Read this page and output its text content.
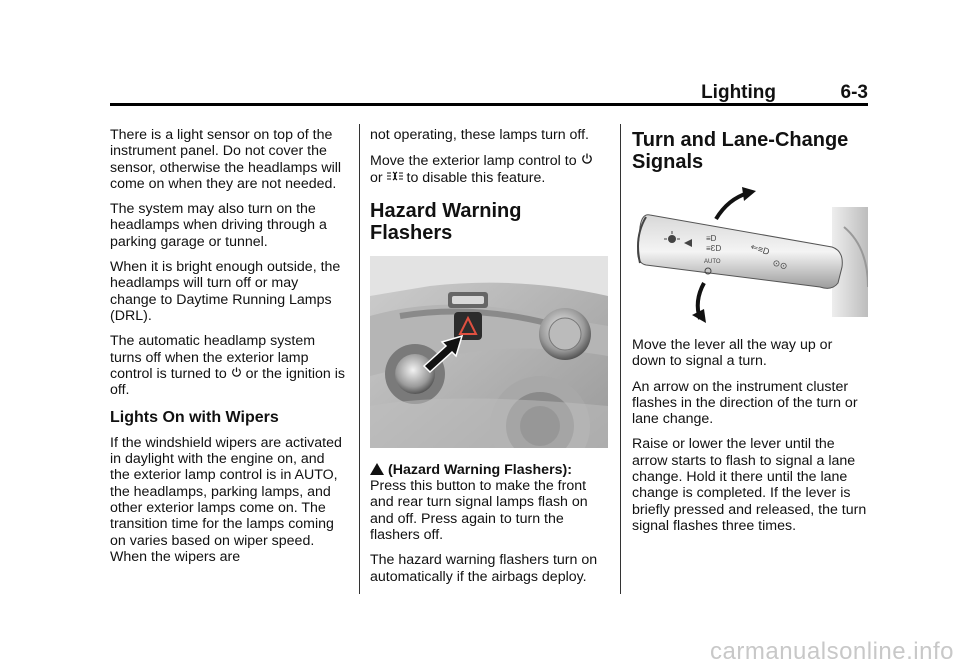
Lighting	6-3

There is a light sensor on top of the instrument panel. Do not cover the sensor, otherwise the headlamps will come on when they are not needed.

The system may also turn on the headlamps when driving through a parking garage or tunnel.

When it is bright enough outside, the headlamps will turn off or may change to Daytime Running Lamps (DRL).

The automatic headlamp system turns off when the exterior lamp control is turned to or the ignition is off.

Lights On with Wipers

If the windshield wipers are activated in daylight with the engine on, and the exterior lamp control is in AUTO, the headlamps, parking lamps, and other exterior lamps come on. The transition time for the lamps coming on varies based on wiper speed. When the wipers are

not operating, these lamps turn off.

Move the exterior lamp control to
or to disable this feature.

Hazard Warning Flashers

(Hazard Warning Flashers): Press this button to make the front and rear turn signal lamps flash on and off. Press again to turn the flashers off.

The hazard warning flashers turn on automatically if the airbags deploy.

Turn and Lane-Change Signals
≡D
≡ƐD
AUTO
⇐≡D
⊙⊙

Move the lever all the way up or down to signal a turn.

An arrow on the instrument cluster flashes in the direction of the turn or lane change.

Raise or lower the lever until the arrow starts to flash to signal a lane change. Hold it there until the lane change is completed. If the lever is briefly pressed and released, the turn signal flashes three times.

carmanualsonline.info
